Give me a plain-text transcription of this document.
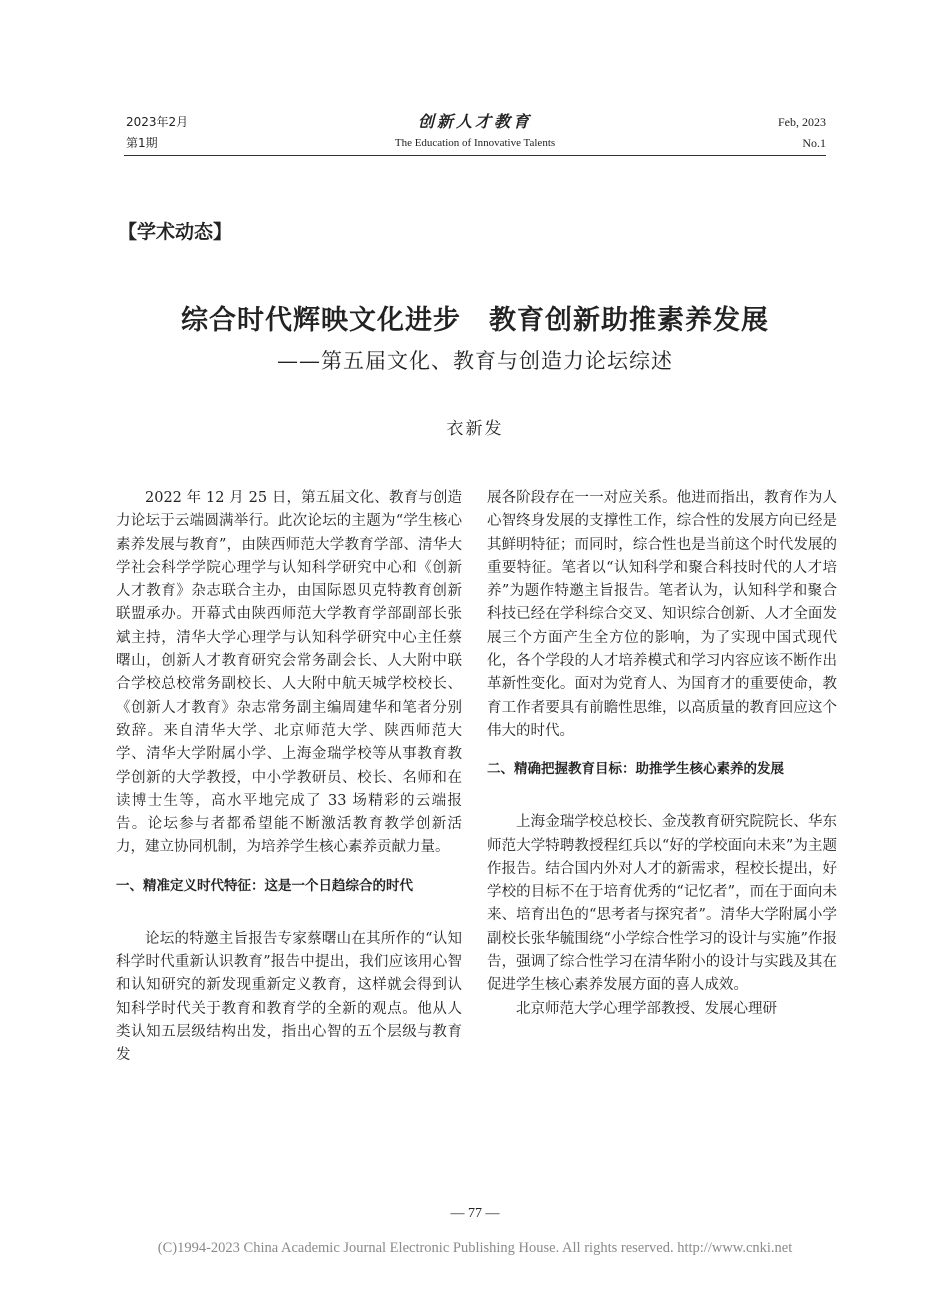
2023年2月
第1期
创新人才教育
The Education of Innovative Talents
Feb, 2023
No.1
【学术动态】
综合时代辉映文化进步　教育创新助推素养发展
——第五届文化、教育与创造力论坛综述
衣新发

2022 年 12 月 25 日，第五届文化、教育与创造力论坛于云端圆满举行。此次论坛的主题为“学生核心素养发展与教育”，由陕西师范大学教育学部、清华大学社会科学学院心理学与认知科学研究中心和《创新人才教育》杂志联合主办，由国际恩贝克特教育创新联盟承办。开幕式由陕西师范大学教育学部副部长张斌主持，清华大学心理学与认知科学研究中心主任蔡曙山，创新人才教育研究会常务副会长、人大附中联合学校总校常务副校长、人大附中航天城学校校长、《创新人才教育》杂志常务副主编周建华和笔者分别致辞。来自清华大学、北京师范大学、陕西师范大学、清华大学附属小学、上海金瑞学校等从事教育教学创新的大学教授，中小学教研员、校长、名师和在读博士生等，高水平地完成了 33 场精彩的云端报告。论坛参与者都希望能不断激活教育教学创新活力，建立协同机制，为培养学生核心素养贡献力量。

一、精准定义时代特征：这是一个日趋综合的时代

论坛的特邀主旨报告专家蔡曙山在其所作的“认知科学时代重新认识教育”报告中提出，我们应该用心智和认知研究的新发现重新定义教育，这样就会得到认知科学时代关于教育和教育学的全新的观点。他从人类认知五层级结构出发，指出心智的五个层级与教育发

展各阶段存在一一对应关系。他进而指出，教育作为人心智终身发展的支撑性工作，综合性的发展方向已经是其鲜明特征；而同时，综合性也是当前这个时代发展的重要特征。笔者以“认知科学和聚合科技时代的人才培养”为题作特邀主旨报告。笔者认为，认知科学和聚合科技已经在学科综合交叉、知识综合创新、人才全面发展三个方面产生全方位的影响，为了实现中国式现代化，各个学段的人才培养模式和学习内容应该不断作出革新性变化。面对为党育人、为国育才的重要使命，教育工作者要具有前瞻性思维，以高质量的教育回应这个伟大的时代。

二、精确把握教育目标：助推学生核心素养的发展

上海金瑞学校总校长、金茂教育研究院院长、华东师范大学特聘教授程红兵以“好的学校面向未来”为主题作报告。结合国内外对人才的新需求，程校长提出，好学校的目标不在于培育优秀的“记忆者”，而在于面向未来、培育出色的“思考者与探究者”。清华大学附属小学副校长张华毓围绕“小学综合性学习的设计与实施”作报告，强调了综合性学习在清华附小的设计与实践及其在促进学生核心素养发展方面的喜人成效。

北京师范大学心理学部教授、发展心理研

— 77 —
(C)1994-2023 China Academic Journal Electronic Publishing House. All rights reserved. http://www.cnki.net
